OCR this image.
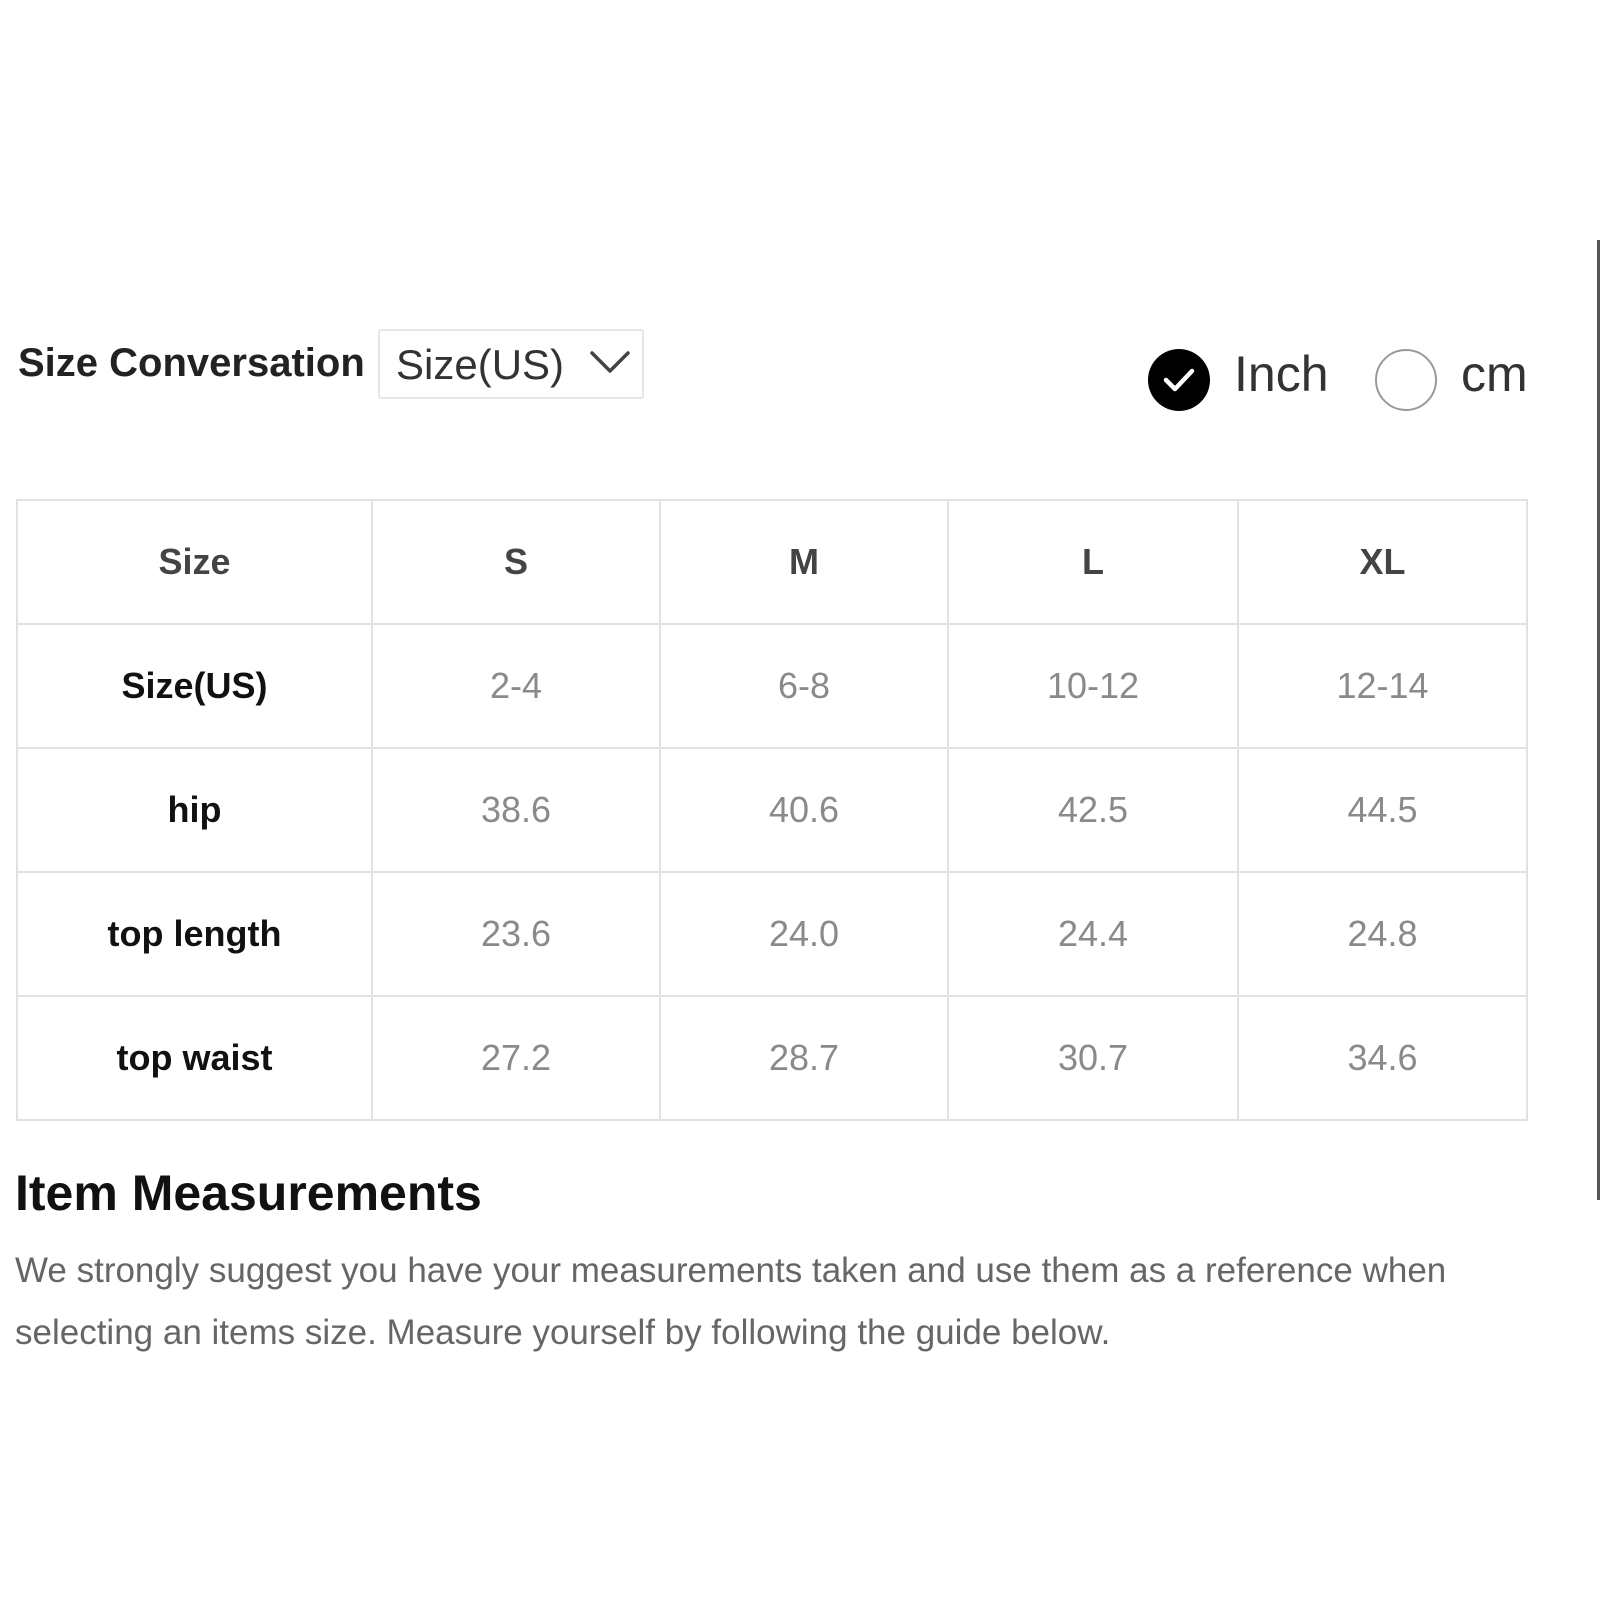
Size Conversation Size(US)	Inch	cm
Size	S	M	L	XL
Size(US)	2-4	6-8	10-12	12-14
hip	38.6	40.6	42.5	44.5
top length	23.6	24.0	24.4	24.8
top waist	27.2	28.7	30.7	34.6
Item Measurements
We strongly suggest you have your measurements taken and use them as a reference when selecting an items size. Measure yourself by following the guide below.
